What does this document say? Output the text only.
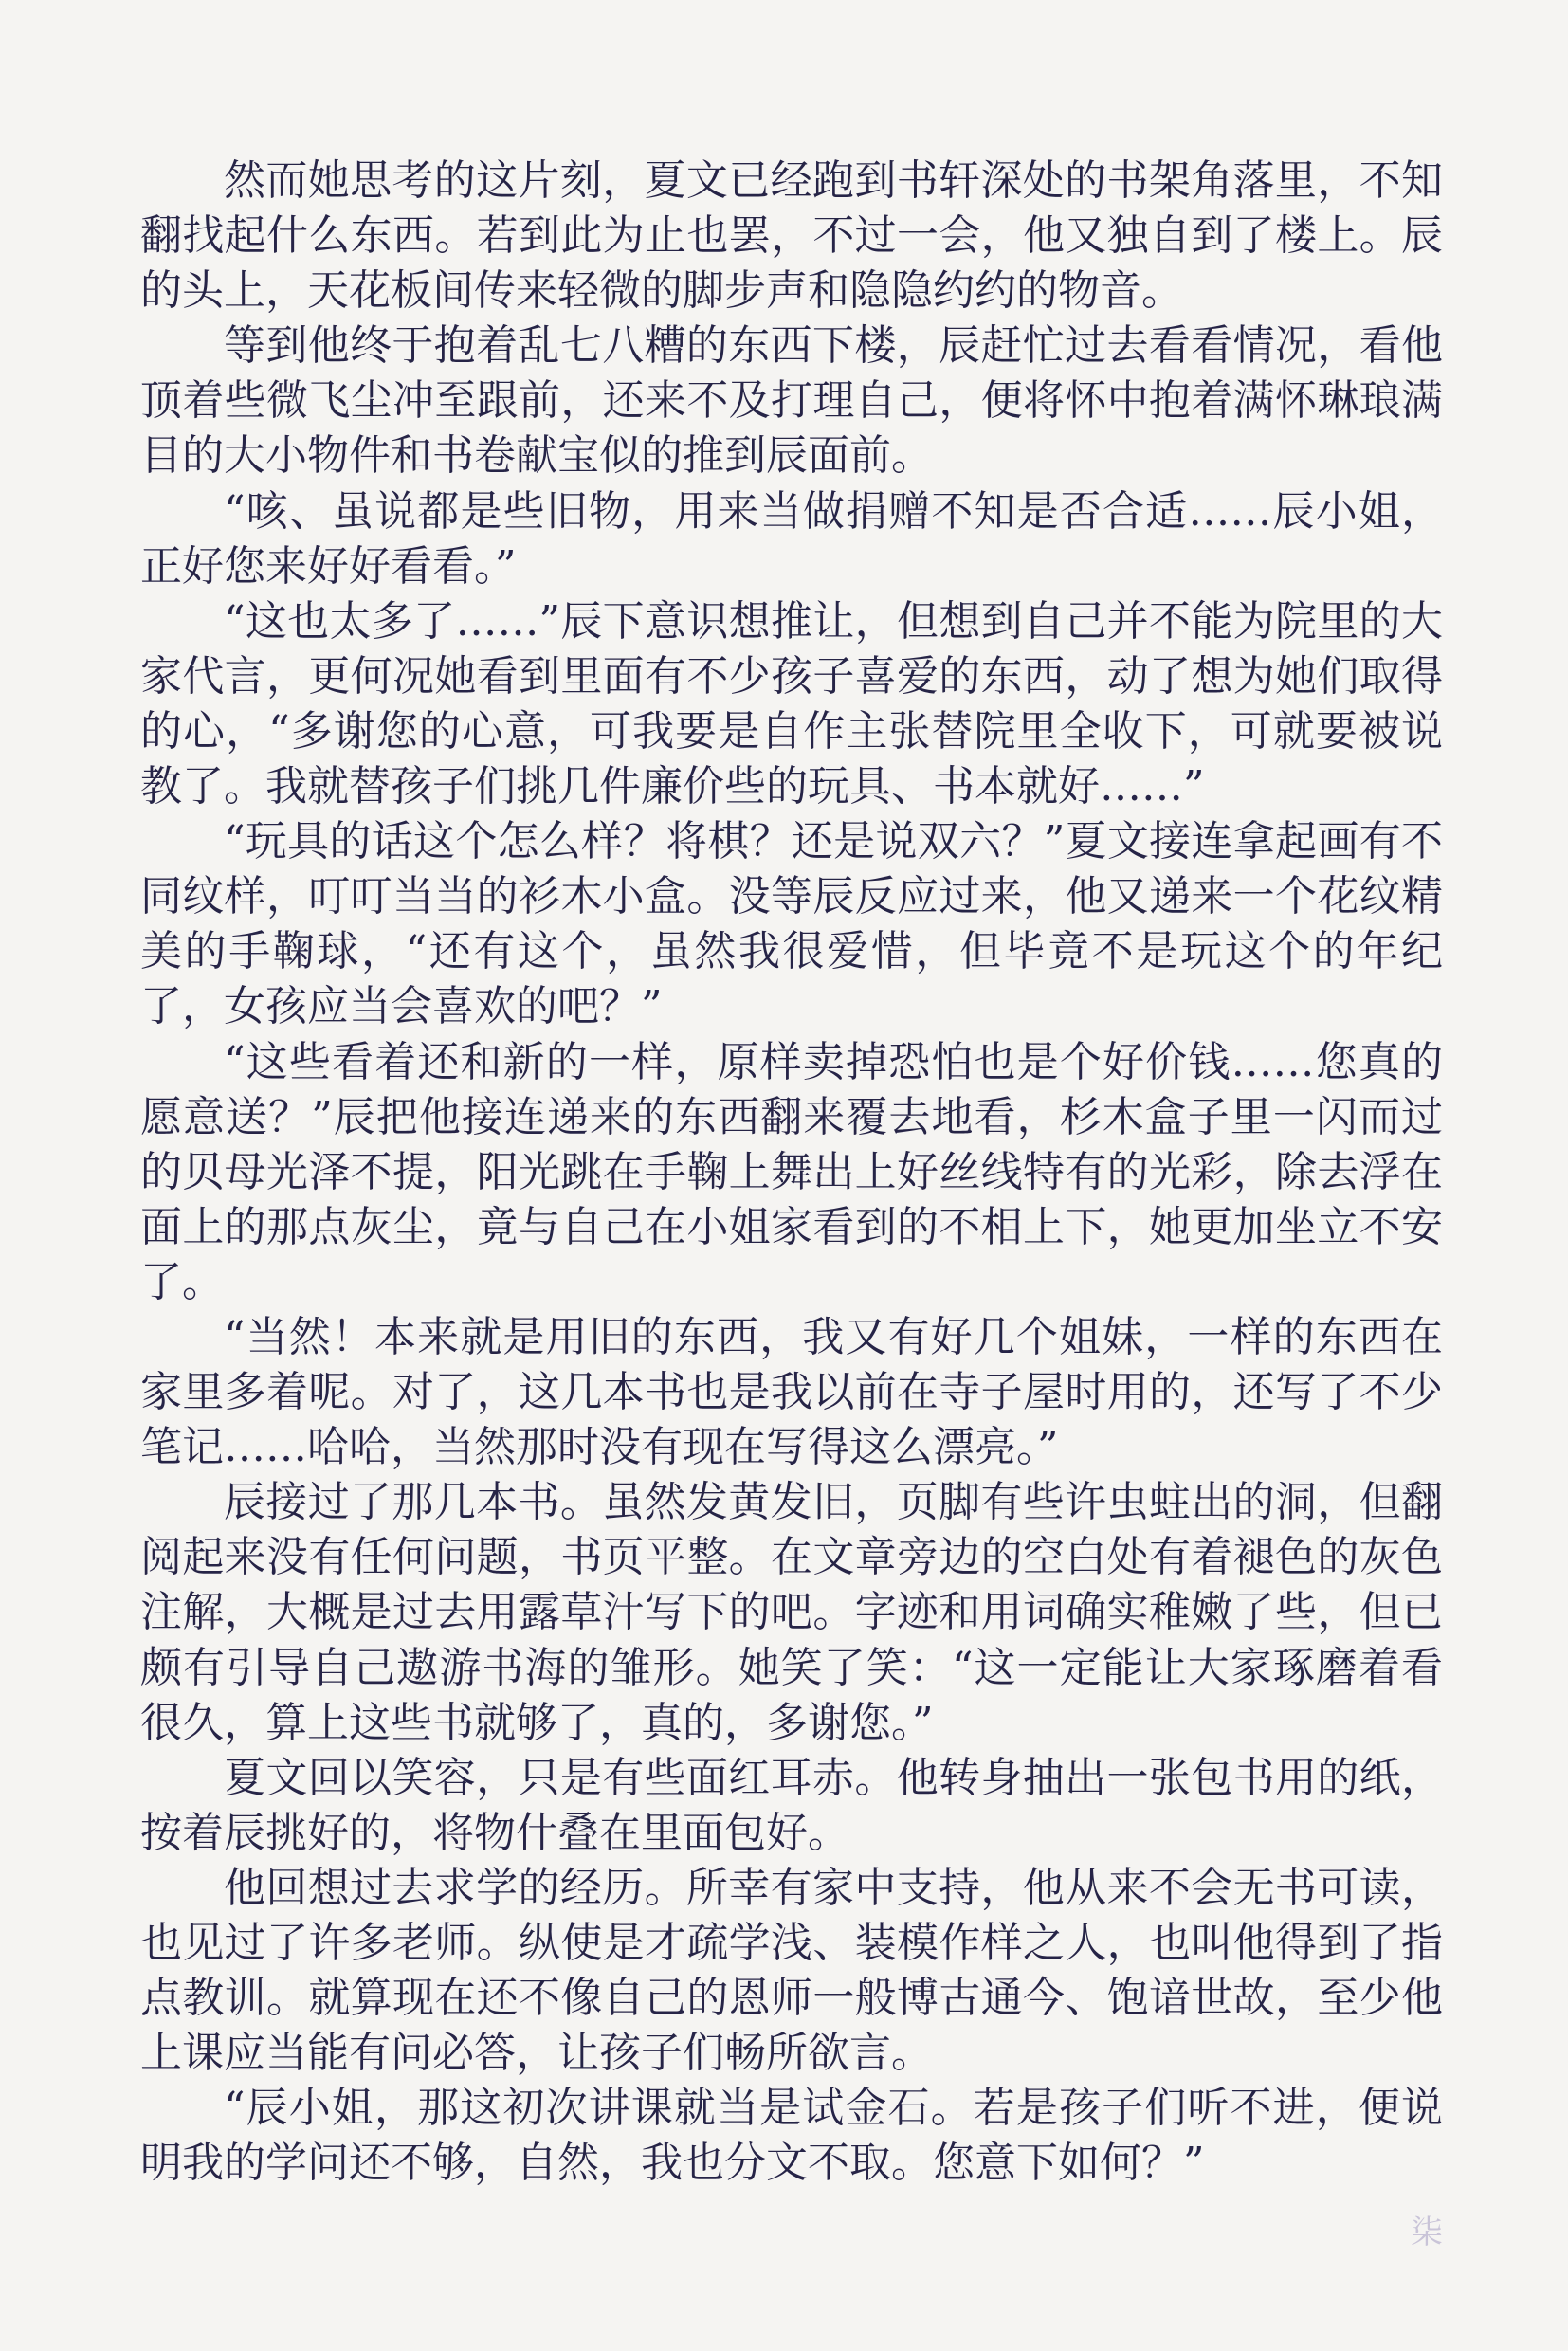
然而她思考的这片刻，夏文已经跑到书轩深处的书架角落里，不知翻找起什么东西。若到此为止也罢，不过一会，他又独自到了楼上。辰的头上，天花板间传来轻微的脚步声和隐隐约约的物音。

等到他终于抱着乱七八糟的东西下楼，辰赶忙过去看看情况，看他顶着些微飞尘冲至跟前，还来不及打理自己，便将怀中抱着满怀琳琅满目的大小物件和书卷献宝似的推到辰面前。

“咳、虽说都是些旧物，用来当做捐赠不知是否合适……辰小姐，正好您来好好看看。”

“这也太多了……”辰下意识想推让，但想到自己并不能为院里的大家代言，更何况她看到里面有不少孩子喜爱的东西，动了想为她们取得的心，“多谢您的心意，可我要是自作主张替院里全收下，可就要被说教了。我就替孩子们挑几件廉价些的玩具、书本就好……”

“玩具的话这个怎么样？将棋？还是说双六？”夏文接连拿起画有不同纹样，叮叮当当的衫木小盒。没等辰反应过来，他又递来一个花纹精美的手鞠球，“还有这个，虽然我很爱惜，但毕竟不是玩这个的年纪了，女孩应当会喜欢的吧？”

“这些看着还和新的一样，原样卖掉恐怕也是个好价钱……您真的愿意送？”辰把他接连递来的东西翻来覆去地看，杉木盒子里一闪而过的贝母光泽不提，阳光跳在手鞠上舞出上好丝线特有的光彩，除去浮在面上的那点灰尘，竟与自己在小姐家看到的不相上下，她更加坐立不安了。

“当然！本来就是用旧的东西，我又有好几个姐妹，一样的东西在家里多着呢。对了，这几本书也是我以前在寺子屋时用的，还写了不少笔记……哈哈，当然那时没有现在写得这么漂亮。”

辰接过了那几本书。虽然发黄发旧，页脚有些许虫蛀出的洞，但翻阅起来没有任何问题，书页平整。在文章旁边的空白处有着褪色的灰色注解，大概是过去用露草汁写下的吧。字迹和用词确实稚嫩了些，但已颇有引导自己遨游书海的雏形。她笑了笑：“这一定能让大家琢磨着看很久，算上这些书就够了，真的，多谢您。”

夏文回以笑容，只是有些面红耳赤。他转身抽出一张包书用的纸，按着辰挑好的，将物什叠在里面包好。

他回想过去求学的经历。所幸有家中支持，他从来不会无书可读，也见过了许多老师。纵使是才疏学浅、装模作样之人，也叫他得到了指点教训。就算现在还不像自己的恩师一般博古通今、饱谙世故，至少他上课应当能有问必答，让孩子们畅所欲言。

“辰小姐，那这初次讲课就当是试金石。若是孩子们听不进，便说明我的学问还不够，自然，我也分文不取。您意下如何？”

柒
